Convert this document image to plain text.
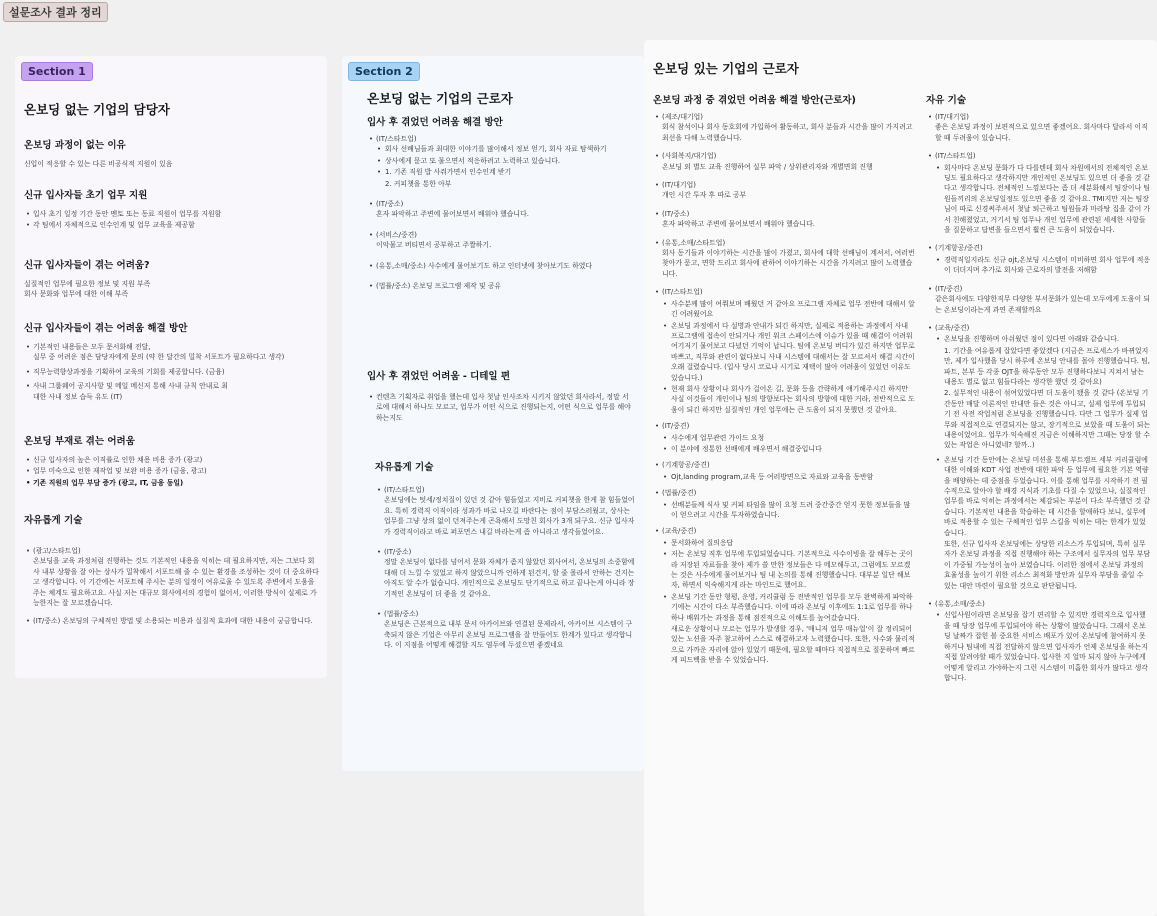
설문조사 결과 정리
Section 1
온보딩 없는 기업의 담당자
온보딩 과정이 없는 이유
신입이 적응할 수 있는 다른 비공식적 지원이 있음
신규 입사자들 초기 업무 지원
• 입사 초기 일정 기간 동안 멘토 또는 동료 직원이 업무를 지원함
• 각 팀에서 자체적으로 인수인계 및 업무 교육을 제공함
신규 입사자들이 겪는 어려움?
실질적인 업무에 필요한 정보 및 지원 부족
회사 문화와 업무에 대한 이해 부족
신규 입사자들이 겪는 어려움 해결 방안
• 기본적인 내용들은 모두 문서화해 전달,
실무 중 어려운 점은 담당자에게 문의 (약 한 달간의 밀착 서포트가 필요하다고 생각)
• 직무능력향상과정을 기획하여 교육의 기회를 제공합니다. (금융)
• 사내 그룹웨어 공지사항 및 메일 메신저 통해 사내 규칙 안내로 최
대한 사내 정보 습득 유도 (IT)
온보딩 부재로 겪는 어려움
• 신규 입사자의 높은 이직률로 인한 채용 비용 증가 (광고)
• 업무 미숙으로 인한 재작업 및 보완 비용 증가 (금융, 광고)
• 기존 직원의 업무 부담 증가 (광고, IT, 금융 동일)
자유롭게 기술
• (광고/스타트업)
온보딩을 교육 과정처럼 진행하는 것도 기본적인 내용을 익히는 데 필요하지만, 저는 그보다 회사 내부 상황을 잘 아는 상사가 밀착해서 서포트해 줄 수 있는 환경을 조성하는 것이 더 중요하다고 생각합니다. 이 기간에는 서포트해 주시는 분의 일정이 여유로울 수 있도록 주변에서 도움을 주는 체계도 필요하고요. 사실 저는 대규모 회사에서의 경험이 없어서, 이러한 방식이 실제로 가능한지는 잘 모르겠습니다.
• (IT/중소) 온보딩의 구체적인 방법 및 소용되는 비용과 실질적 효과에 대한 내용이 궁금합니다.
Section 2
온보딩 없는 기업의 근로자
입사 후 겪었던 어려움 해결 방안
• (IT/스타트업)
• 회사 선배님들과 최대한 이야기를 많이해서 정보 얻기, 회사 자료 탐색하기
• 상사에게 묻고 또 물으면서 적응하려고 노력하고 있습니다.
• 1. 기존 직원 밥 사줘가면서 인수인계 받기
2. 커피챗을 통한 아부
• (IT/중소)
혼자 파악하고 주변에 물어보면서 배워야 했습니다.
• (서비스/중견)
이악물고 버티면서 공부하고 주짤하기.
• (유통,소매/중소) 사수에게 물어보기도 하고 인터넷에 찾아보기도 하였다
• (법률/중소) 온보딩 프로그램 제작 및 공유
입사 후 겪었던 어려움 - 디테일 편
• 컨텐츠 기획자로 취업을 했는데 입사 첫날 인사조차 시키지 않았던 회사라서, 정말 서로에 대해서 하나도 모르고, 업무가 어떤 식으로 진행되는지, 어떤 식으로 업무를 해야하는지도
자유롭게 기술
• (IT/스타트업)
온보딩에는 텃세/정치질이 있던 것 같아 힘들었고 지비로 커피챗을 한게 참 힘들었어요. 특히 경력직 이직이라 성과가 바로 나오길 바란다는 점이 부담스러웠고, 상사는 업무를 그냥 상의 없이 던져주는게 곤욕해서 도망친 회사가 3개 되구요. 신규 입사자가 경력직이라고 바로 퍼포먼스 내길 바라는게 좀 아니라고 생각들었어요.
• (IT/중소)
정말 온보딩이 없다를 넘어서 문화 자체가 좀지 않았던 회사여서, 온보딩의 소중함에 대해 더 느낄 수 있었고 하지 않았으니까 언하게 된건지, 할 줄 몰라서 안하는 건지는 아직도 알 수가 없습니다. 개인적으로 온보딩도 단기적으로 하고 끝나는게 아니라 장기적인 온보딩이 더 좋을 것 같아요.
• (법률/중소)
온보딩은 근본적으로 내부 문서 아카이브와 연결된 문제라서, 아카이브 시스템이 구축되지 않은 기업은 아무리 온보딩 프로그램을 잘 만들어도 한계가 있다고 생각합니다. 이 지점을 어떻게 해결할 지도 염두에 두셨으면 좋겠네요
온보딩 있는 기업의 근로자
온보딩 과정 중 겪었던 어려움 해결 방안(근로자)
• (제조/대기업)
회식 참석이나 회사 동호회에 가입하여 활동하고, 회사 분들과 시간을 많이 가지려고 최선을 다해 노력했습니다.
• (사회복지/대기업)
온보딩 외 별도 교육 진행하여 실무 파악 / 상위관리자와 개별면회 진행
• (IT/대기업)
개인 시간 투자 후 따로 공부
• (IT/중소)
혼자 파악하고 주변에 물어보면서 배워야 했습니다.
• (유통,소매/스타트업)
회사 동기들과 이야기하는 시간을 많이 가졌고, 회사에 대학 선배님이 계셔서, 여러번 찾아가 묻고, 면학 드리고 회사에 관하여 이야기하는 시간을 가지려고 많이 노력했습니다.
• (IT/스타트업)
• 사수분께 많이 여쭤보며 배웠던 거 같아요 프로그램 자체로 업무 전반에 대해서 알긴 어려웠어요
• 온보딩 과정에서 다 설명과 안내가 되긴 하지만, 실제로 적용하는 과정에서 사내 프로그램에 접속이 안되거나 개인 워크 스페이스에 이슈가 있을 때 해결이 어려워 여기저기 물어보고 다녔던 기억이 납니다. 팀에 온보딩 버디가 있긴 하지만 업무로 바쁘고, 직무와 관련이 없다보니 사내 시스템에 대해서는 잘 모르셔서 해결 시간이 오래 걸렸습니다. (입사 당시 코로나 시기로 재택이 많아 어려움이 있었던 이유도 있습니다.)
• 현재 회사 상황이나 회사가 걸어온 길, 문화 등을 간략하게 얘기해주시긴 하지만 사실 이것들이 개인이나 팀의 방향보다는 회사의 방향에 대한 거라, 전반적으로 도움이 되긴 하지만 실질적인 개인 업무에는 큰 도움이 되지 못했던 것 같아요.
• (IT/중견)
• 사수에게 업무관련 가이드 요청
• 이 분야에 정통한 선배에게 배우면서 해결중입니다
• (기계항공/중견)
• Ojt,landing program,교육 등 여러방면으로 자료와 교육을 동반함
• (법률/중견)
• 선배분들께 식사 및 커피 타임을 많이 요청 드려 중간중간 얻지 못한 정보들을 많이 얻으려고 시간을 투자하였습니다.
• (교육/중견)
• 문서화하여 질의응답
• 저는 온보딩 직후 업무에 투입되었습니다. 기본적으로 사수이빙을 잘 해두는 곳이라 저장된 자료들을 찾아 제가 쓸 만한 정보들은 다 메모해두고, 그럼에도 모르겠는 것은 사수에게 물어보거나 팀 내 논의를 통해 진행했습니다. 대부분 일단 해보자, 하면서 익숙해지게 라는 마인드로 했어요.
• 온보딩 기간 동안 형평, 운영, 커리큘럼 등 전반적인 업무를 모두 완벽하게 파악하기에는 시간이 다소 부족했습니다. 이에 따라 온보딩 이후에도 1:1로 업무를 하나하나 배워가는 과정을 통해 점진적으로 이해도를 높여갔습니다.
새로운 상황이나 모르는 업무가 발생할 경우, '매니저 업무 매뉴얼'이 잘 정리되어 있는 노션을 자주 참고하여 스스로 해결하고자 노력했습니다. 또한, 사수와 물리적으로 가까운 자리에 앉아 있었기 때문에, 필요할 때마다 직접적으로 질문하며 빠르게 피드백을 받을 수 있었습니다.
자유 기술
• (IT/대기업)
좋은 온보딩 과정이 보편적으로 있으면 좋겠어요. 회사마다 달라서 이직할 때 두려움이 있습니다.
• (IT/스타트업)
• 회사마다 온보딩 문화가 다 다를텐데 회사 차원에서의 전체적인 온보딩도 필요하다고 생각하지만 개인적인 온보딩도 있으면 더 좋을 것 같다고 생각합니다. 전체적인 느낌보다는 좀 더 세분화해서 팀장이나 팀원들끼리의 온보딩일정도 있으면 좋을 것 같아요. TMI지만 저는 팀장님이 따로 신경써주셔서 첫날 퇴근하고 팀원들과 마라탕 집을 같이 가서 친해졌었고, 거기서 팀 업무나 개인 업무에 관련된 세세한 사항들을 질문하고 답변을 들으면서 훨씬 큰 도움이 되었습니다.
• (기계항공/중견)
• 경력직일지라도 신규 ojt,온보딩 시스템이 미비하면 회사 업무에 적응이 더더지며 추가로 회사와 근로자의 발전을 저해함
• (IT/중견)
같은회사에도 다양한직무 다양한 부서문화가 있는데 모두에게 도움이 되는 온보딩이라는게 과연 존재할까요
• (교육/중견)
• 온보딩을 진행하며 아쉬웠던 점이 있다면 아래와 같습니다.
1. 기간을 여유롭게 잡았다면 좋았겠다 (지금은 프로세스가 바뀌었지만, 제가 입사했을 당시 하루에 온보딩 안내를 몰아 진행했습니다. 팀, 파트, 본부 등 각종 OJT을 하루동안 모두 진행하다보니 지쳐서 남는 내용도 별로 없고 힘들다라는 생각한 했던 것 같아요)
2. 실무적인 내용이 섞여있었다면 더 도움이 됐을 것 같다 (온보딩 기간동안 매달 이론적인 안내만 들은 것은 아니고, 실제 업무에 투입되기 전 사전 작업처럼 온보딩을 진행했습니다. 다만 그 업무가 실제 업무와 직접적으로 연결되지는 않고, 장기적으로 보았을 때 도움이 되는 내용이었어요. 업무가 익숙해진 지금은 이해하지만 그때는 당장 할 수 있는 작업은 아니였네? 할까..)
• 온보딩 기간 동안에는 온보딩 미션을 통해 부트캠프 세부 커리큘럼에 대한 이해와 KDT 사업 전반에 대한 파악 등 업무에 필요한 기본 역량을 배양하는 데 중점을 두었습니다. 이를 통해 업무를 시작하기 전 필수적으로 알아야 할 배경 지식과 기초를 다질 수 있었으나, 실질적인 업무를 바로 익히는 과정에서는 체감되는 부분이 다소 부족했던 것 같습니다. 기본적인 내용을 학습하는 데 시간을 할애하다 보니, 실무에 바로 적용할 수 있는 구체적인 업무 스킬을 익히는 데는 한계가 있었습니다.
또한, 신규 입사자 온보딩에는 상당한 리소스가 투입되며, 특히 실무자가 온보딩 과정을 직접 진행해야 하는 구조에서 실무자의 업무 부담이 가중될 가능성이 높아 보였습니다. 이러한 점에서 온보딩 과정의 효율성을 높이기 위한 리소스 최적화 방안과 실무자 부담을 줄일 수 있는 대안 마련이 필요할 것으로 판단됩니다.
• (유통,소매/중소)
• 신입사원이라면 온보딩을 잡기 편리할 수 있지만 경력직으로 입사했을 때 당장 업무에 투입되어야 하는 상황이 많았습니다. 그래서 온보딩 날짜가 잡힌 볼 중요한 서비스 배포가 있어 온보딩에 참여하지 못하거나 팀내에 직접 전달하지 않으면 입사자가 언제 온보딩을 하는지 직접 알려야할 때가 있었습니다. 입사한 지 얼마 되지 않아 누구에게 어떻게 알리고 가야하는지 그런 시스템이 미흡한 회사가 많다고 생각합니다.
